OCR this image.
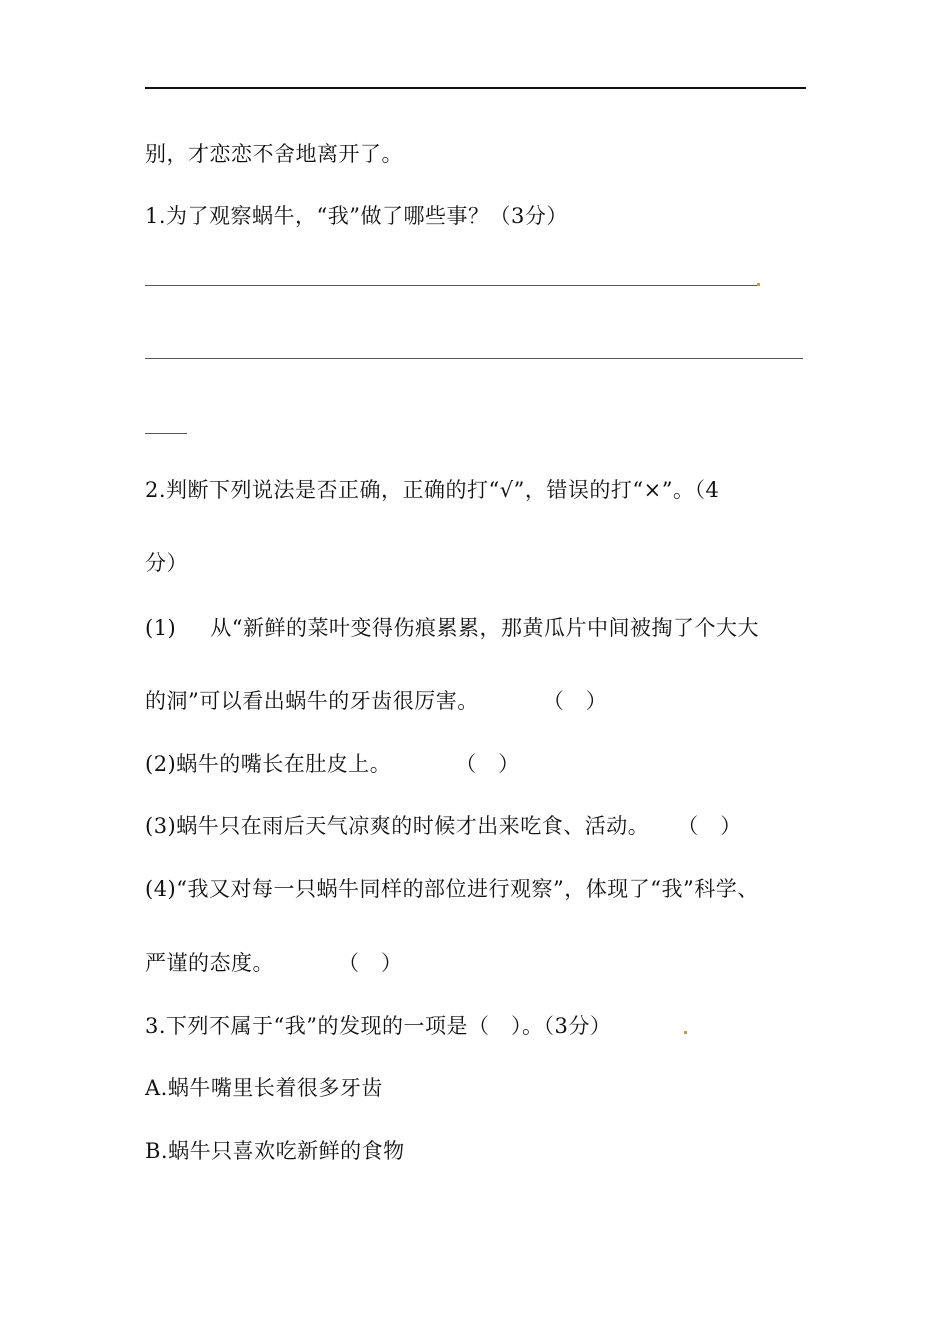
别，才恋恋不舍地离开了。
1.为了观察蜗牛，“我”做了哪些事？（3分）
2.判断下列说法是否正确，正确的打“√”，错误的打“×”。（4
分）
(1) 从“新鲜的菜叶变得伤痕累累，那黄瓜片中间被掏了个大大
的洞”可以看出蜗牛的牙齿很厉害。	（　）
(2)蜗牛的嘴长在肚皮上。	（　）
(3)蜗牛只在雨后天气凉爽的时候才出来吃食、活动。 （　）
(4)“我又对每一只蜗牛同样的部位进行观察”，体现了“我”科学、
严谨的态度。	（　）
3.下列不属于“我”的发现的一项是（　）。（3分）
A.蜗牛嘴里长着很多牙齿
B.蜗牛只喜欢吃新鲜的食物
